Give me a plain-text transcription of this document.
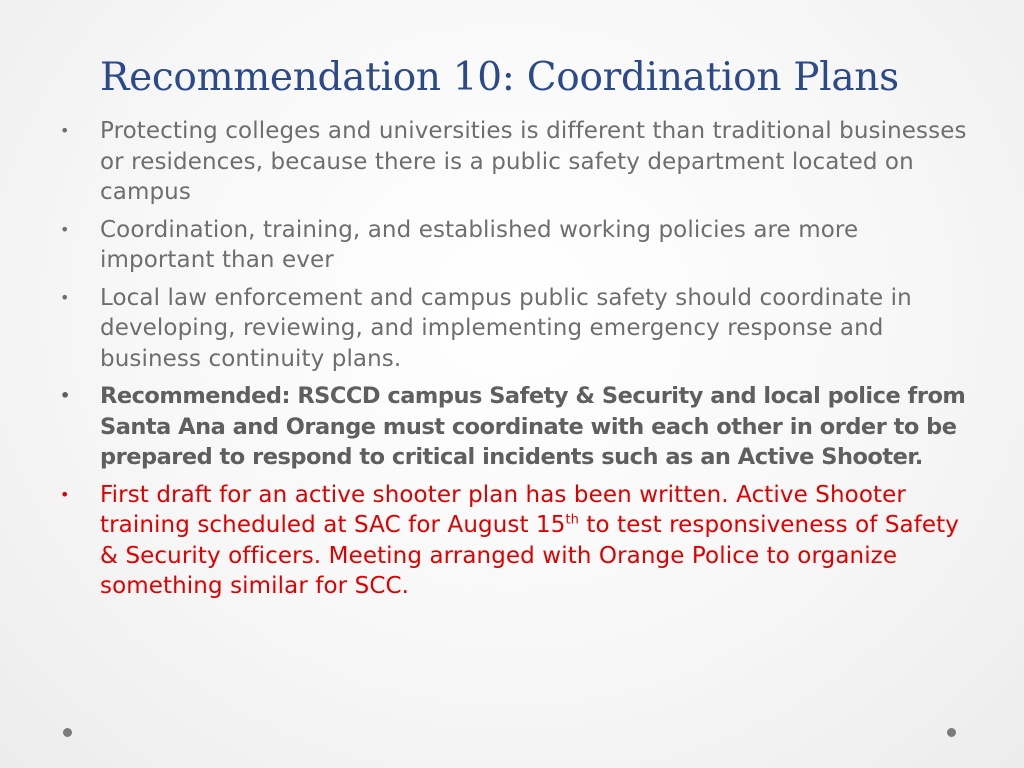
Recommendation 10: Coordination Plans
•	Protecting colleges and universities is different than traditional businesses or residences, because there is a public safety department located on campus
•	Coordination, training, and established working policies are more important than ever
•	Local law enforcement and campus public safety should coordinate in developing, reviewing, and implementing emergency response and business continuity plans.
•	Recommended: RSCCD campus Safety & Security and local police from Santa Ana and Orange must coordinate with each other in order to be prepared to respond to critical incidents such as an Active Shooter.
•	First draft for an active shooter plan has been written. Active Shooter training scheduled at SAC for August 15th to test responsiveness of Safety & Security officers. Meeting arranged with Orange Police to organize something similar for SCC.
